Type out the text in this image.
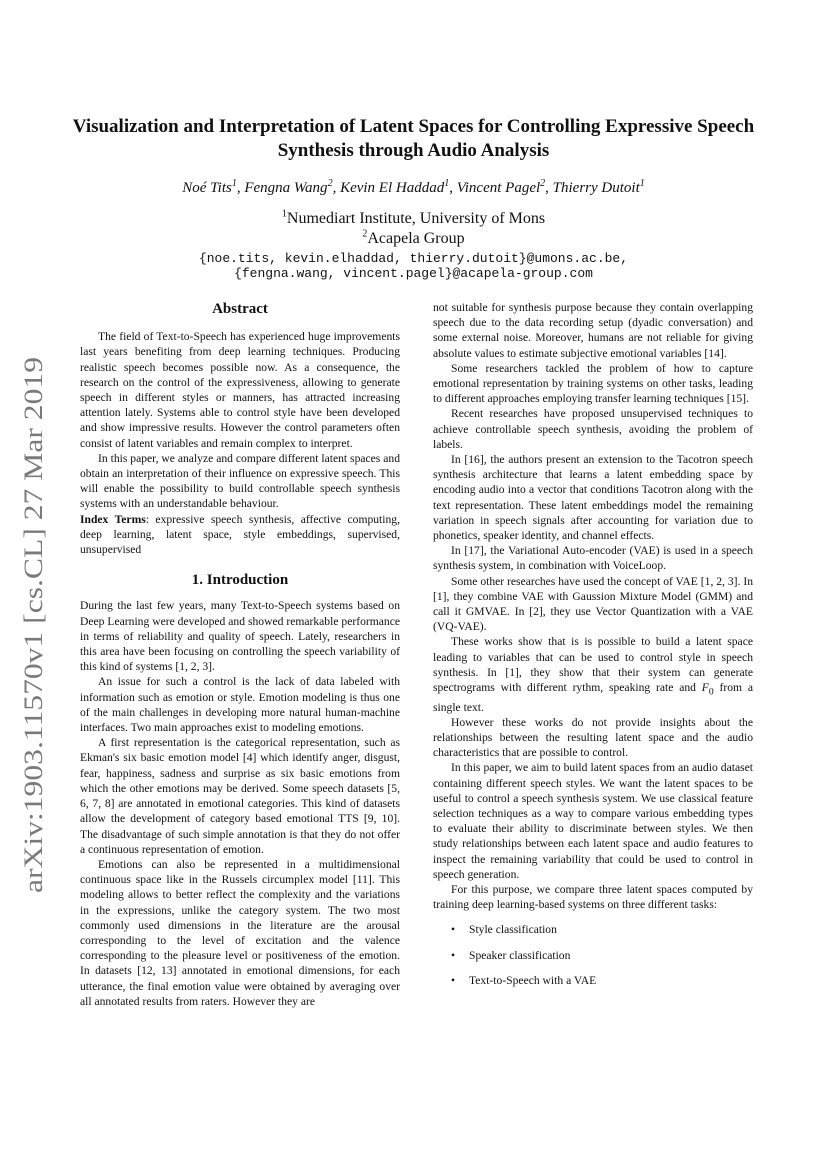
arXiv:1903.11570v1 [cs.CL] 27 Mar 2019
Visualization and Interpretation of Latent Spaces for Controlling Expressive Speech Synthesis through Audio Analysis
Noé Tits$^1$, Fengna Wang$^2$, Kevin El Haddad$^1$, Vincent Pagel$^2$, Thierry Dutoit$^1$
$^1$Numediart Institute, University of Mons
$^2$Acapela Group
{noe.tits, kevin.elhaddad, thierry.dutoit}@umons.ac.be,
{fengna.wang, vincent.pagel}@acapela-group.com
Abstract

The field of Text-to-Speech has experienced huge improvements last years benefiting from deep learning techniques. Producing realistic speech becomes possible now. As a consequence, the research on the control of the expressiveness, allowing to generate speech in different styles or manners, has attracted increasing attention lately. Systems able to control style have been developed and show impressive results. However the control parameters often consist of latent variables and remain complex to interpret.

In this paper, we analyze and compare different latent spaces and obtain an interpretation of their influence on expressive speech. This will enable the possibility to build controllable speech synthesis systems with an understandable behaviour.

Index Terms: expressive speech synthesis, affective computing, deep learning, latent space, style embeddings, supervised, unsupervised

1. Introduction

During the last few years, many Text-to-Speech systems based on Deep Learning were developed and showed remarkable performance in terms of reliability and quality of speech. Lately, researchers in this area have been focusing on controlling the speech variability of this kind of systems [1, 2, 3].

An issue for such a control is the lack of data labeled with information such as emotion or style. Emotion modeling is thus one of the main challenges in developing more natural human-machine interfaces. Two main approaches exist to modeling emotions.

A first representation is the categorical representation, such as Ekman's six basic emotion model [4] which identify anger, disgust, fear, happiness, sadness and surprise as six basic emotions from which the other emotions may be derived. Some speech datasets [5, 6, 7, 8] are annotated in emotional categories. This kind of datasets allow the development of category based emotional TTS [9, 10]. The disadvantage of such simple annotation is that they do not offer a continuous representation of emotion.

Emotions can also be represented in a multidimensional continuous space like in the Russels circumplex model [11]. This modeling allows to better reflect the complexity and the variations in the expressions, unlike the category system. The two most commonly used dimensions in the literature are the arousal corresponding to the level of excitation and the valence corresponding to the pleasure level or positiveness of the emotion. In datasets [12, 13] annotated in emotional dimensions, for each utterance, the final emotion value were obtained by averaging over all annotated results from raters. However they are

not suitable for synthesis purpose because they contain overlapping speech due to the data recording setup (dyadic conversation) and some external noise. Moreover, humans are not reliable for giving absolute values to estimate subjective emotional variables [14].

Some researchers tackled the problem of how to capture emotional representation by training systems on other tasks, leading to different approaches employing transfer learning techniques [15].

Recent researches have proposed unsupervised techniques to achieve controllable speech synthesis, avoiding the problem of labels.

In [16], the authors present an extension to the Tacotron speech synthesis architecture that learns a latent embedding space by encoding audio into a vector that conditions Tacotron along with the text representation. These latent embeddings model the remaining variation in speech signals after accounting for variation due to phonetics, speaker identity, and channel effects.

In [17], the Variational Auto-encoder (VAE) is used in a speech synthesis system, in combination with VoiceLoop.

Some other researches have used the concept of VAE [1, 2, 3]. In [1], they combine VAE with Gaussion Mixture Model (GMM) and call it GMVAE. In [2], they use Vector Quantization with a VAE (VQ-VAE).

These works show that is is possible to build a latent space leading to variables that can be used to control style in speech synthesis. In [1], they show that their system can generate spectrograms with different rythm, speaking rate and $F_0$ from a single text.

However these works do not provide insights about the relationships between the resulting latent space and the audio characteristics that are possible to control.

In this paper, we aim to build latent spaces from an audio dataset containing different speech styles. We want the latent spaces to be useful to control a speech synthesis system. We use classical feature selection techniques as a way to compare various embedding types to evaluate their ability to discriminate between styles. We then study relationships between each latent space and audio features to inspect the remaining variability that could be used to control in speech generation.

For this purpose, we compare three latent spaces computed by training deep learning-based systems on three different tasks:

• Style classification
• Speaker classification
• Text-to-Speech with a VAE
